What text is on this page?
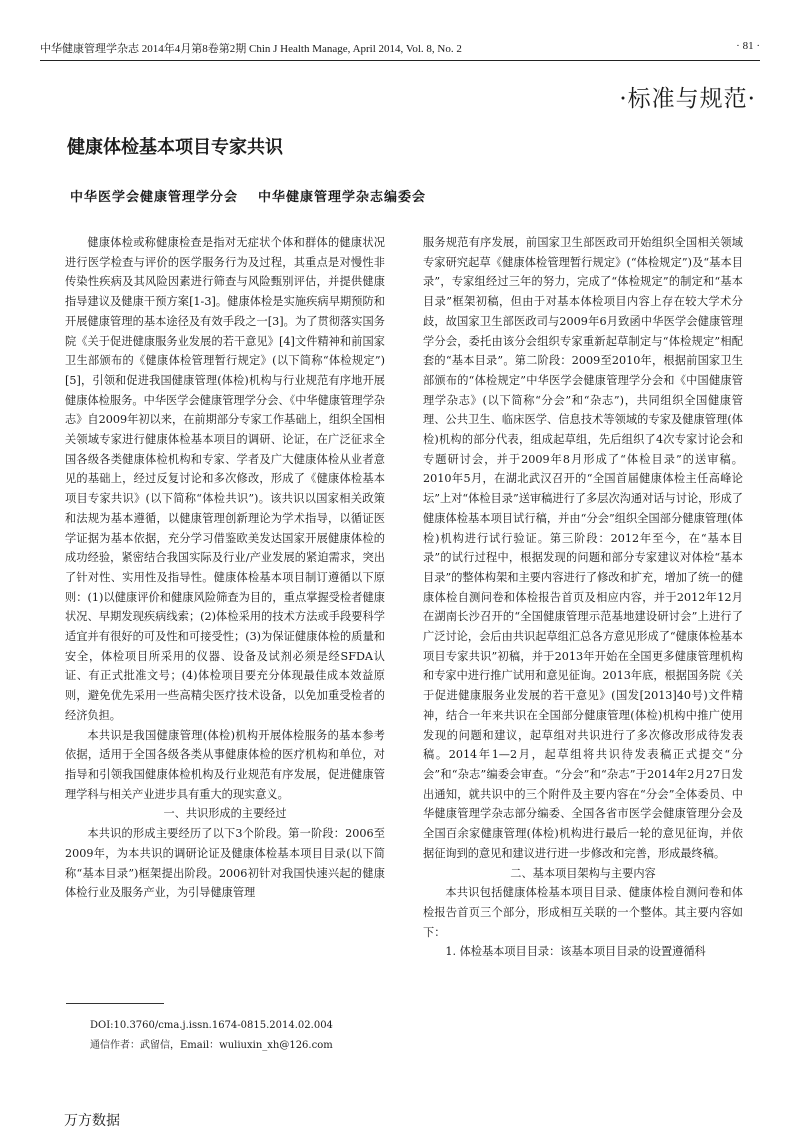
中华健康管理学杂志 2014年4月第8卷第2期 Chin J Health Manage, April 2014, Vol. 8, No. 2	· 81 ·
·标准与规范·
健康体检基本项目专家共识
中华医学会健康管理学分会 中华健康管理学杂志编委会

健康体检或称健康检查是指对无症状个体和群体的健康状况进行医学检查与评价的医学服务行为及过程，其重点是对慢性非传染性疾病及其风险因素进行筛查与风险甄别评估，并提供健康指导建议及健康干预方案[1-3]。健康体检是实施疾病早期预防和开展健康管理的基本途径及有效手段之一[3]。为了贯彻落实国务院《关于促进健康服务业发展的若干意见》[4]文件精神和前国家卫生部颁布的《健康体检管理暂行规定》(以下简称“体检规定”)[5]，引领和促进我国健康管理(体检)机构与行业规范有序地开展健康体检服务。中华医学会健康管理学分会、《中华健康管理学杂志》自2009年初以来，在前期部分专家工作基础上，组织全国相关领域专家进行健康体检基本项目的调研、论证，在广泛征求全国各级各类健康体检机构和专家、学者及广大健康体检从业者意见的基础上，经过反复讨论和多次修改，形成了《健康体检基本项目专家共识》(以下简称“体检共识”)。该共识以国家相关政策和法规为基本遵循，以健康管理创新理论为学术指导，以循证医学证据为基本依据，充分学习借鉴欧美发达国家开展健康体检的成功经验，紧密结合我国实际及行业/产业发展的紧迫需求，突出了针对性、实用性及指导性。健康体检基本项目制订遵循以下原则：(1)以健康评价和健康风险筛查为目的，重点掌握受检者健康状况、早期发现疾病线索；(2)体检采用的技术方法或手段要科学适宜并有很好的可及性和可接受性；(3)为保证健康体检的质量和安全，体检项目所采用的仪器、设备及试剂必须是经SFDA认证、有正式批准文号；(4)体检项目要充分体现最佳成本效益原则，避免优先采用一些高精尖医疗技术设备，以免加重受检者的经济负担。

本共识是我国健康管理(体检)机构开展体检服务的基本参考依据，适用于全国各级各类从事健康体检的医疗机构和单位，对指导和引领我国健康体检机构及行业规范有序发展，促进健康管理学科与相关产业进步具有重大的现实意义。

一、共识形成的主要经过

本共识的形成主要经历了以下3个阶段。第一阶段：2006至2009年，为本共识的调研论证及健康体检基本项目目录(以下简称“基本目录”)框架提出阶段。2006初针对我国快速兴起的健康体检行业及服务产业，为引导健康管理

服务规范有序发展，前国家卫生部医政司开始组织全国相关领域专家研究起草《健康体检管理暂行规定》(“体检规定”)及“基本目录”，专家组经过三年的努力，完成了“体检规定”的制定和“基本目录”框架初稿，但由于对基本体检项目内容上存在较大学术分歧，故国家卫生部医政司与2009年6月致函中华医学会健康管理学分会，委托由该分会组织专家重新起草制定与“体检规定”相配套的“基本目录”。第二阶段：2009至2010年，根据前国家卫生部颁布的“体检规定”中华医学会健康管理学分会和《中国健康管理学杂志》(以下简称“分会”和“杂志”)，共同组织全国健康管理、公共卫生、临床医学、信息技术等领域的专家及健康管理(体检)机构的部分代表，组成起草组，先后组织了4次专家讨论会和专题研讨会，并于2009年8月形成了“体检目录”的送审稿。2010年5月，在湖北武汉召开的“全国首届健康体检主任高峰论坛”上对“体检目录”送审稿进行了多层次沟通对话与讨论，形成了健康体检基本项目试行稿，并由“分会”组织全国部分健康管理(体检)机构进行试行验证。第三阶段：2012年至今，在“基本目录”的试行过程中，根据发现的问题和部分专家建议对体检“基本目录”的整体构架和主要内容进行了修改和扩充，增加了统一的健康体检自测问卷和体检报告首页及相应内容，并于2012年12月在湖南长沙召开的“全国健康管理示范基地建设研讨会”上进行了广泛讨论，会后由共识起草组汇总各方意见形成了“健康体检基本项目专家共识”初稿，并于2013年开始在全国更多健康管理机构和专家中进行推广试用和意见征询。2013年底，根据国务院《关于促进健康服务业发展的若干意见》(国发[2013]40号)文件精神，结合一年来共识在全国部分健康管理(体检)机构中推广使用发现的问题和建议，起草组对共识进行了多次修改形成待发表稿。2014年1—2月，起草组将共识待发表稿正式提交“分会”和“杂志”编委会审查。“分会”和“杂志”于2014年2月27日发出通知，就共识中的三个附件及主要内容在“分会”全体委员、中华健康管理学杂志部分编委、全国各省市医学会健康管理分会及全国百余家健康管理(体检)机构进行最后一轮的意见征询，并依据征询到的意见和建议进行进一步修改和完善，形成最终稿。

二、基本项目架构与主要内容

本共识包括健康体检基本项目目录、健康体检自测问卷和体检报告首页三个部分，形成相互关联的一个整体。其主要内容如下：

1. 体检基本项目目录：该基本项目目录的设置遵循科

DOI:10.3760/cma.j.issn.1674-0815.2014.02.004
通信作者：武留信，Email：wuliuxin_xh@126.com
万方数据
